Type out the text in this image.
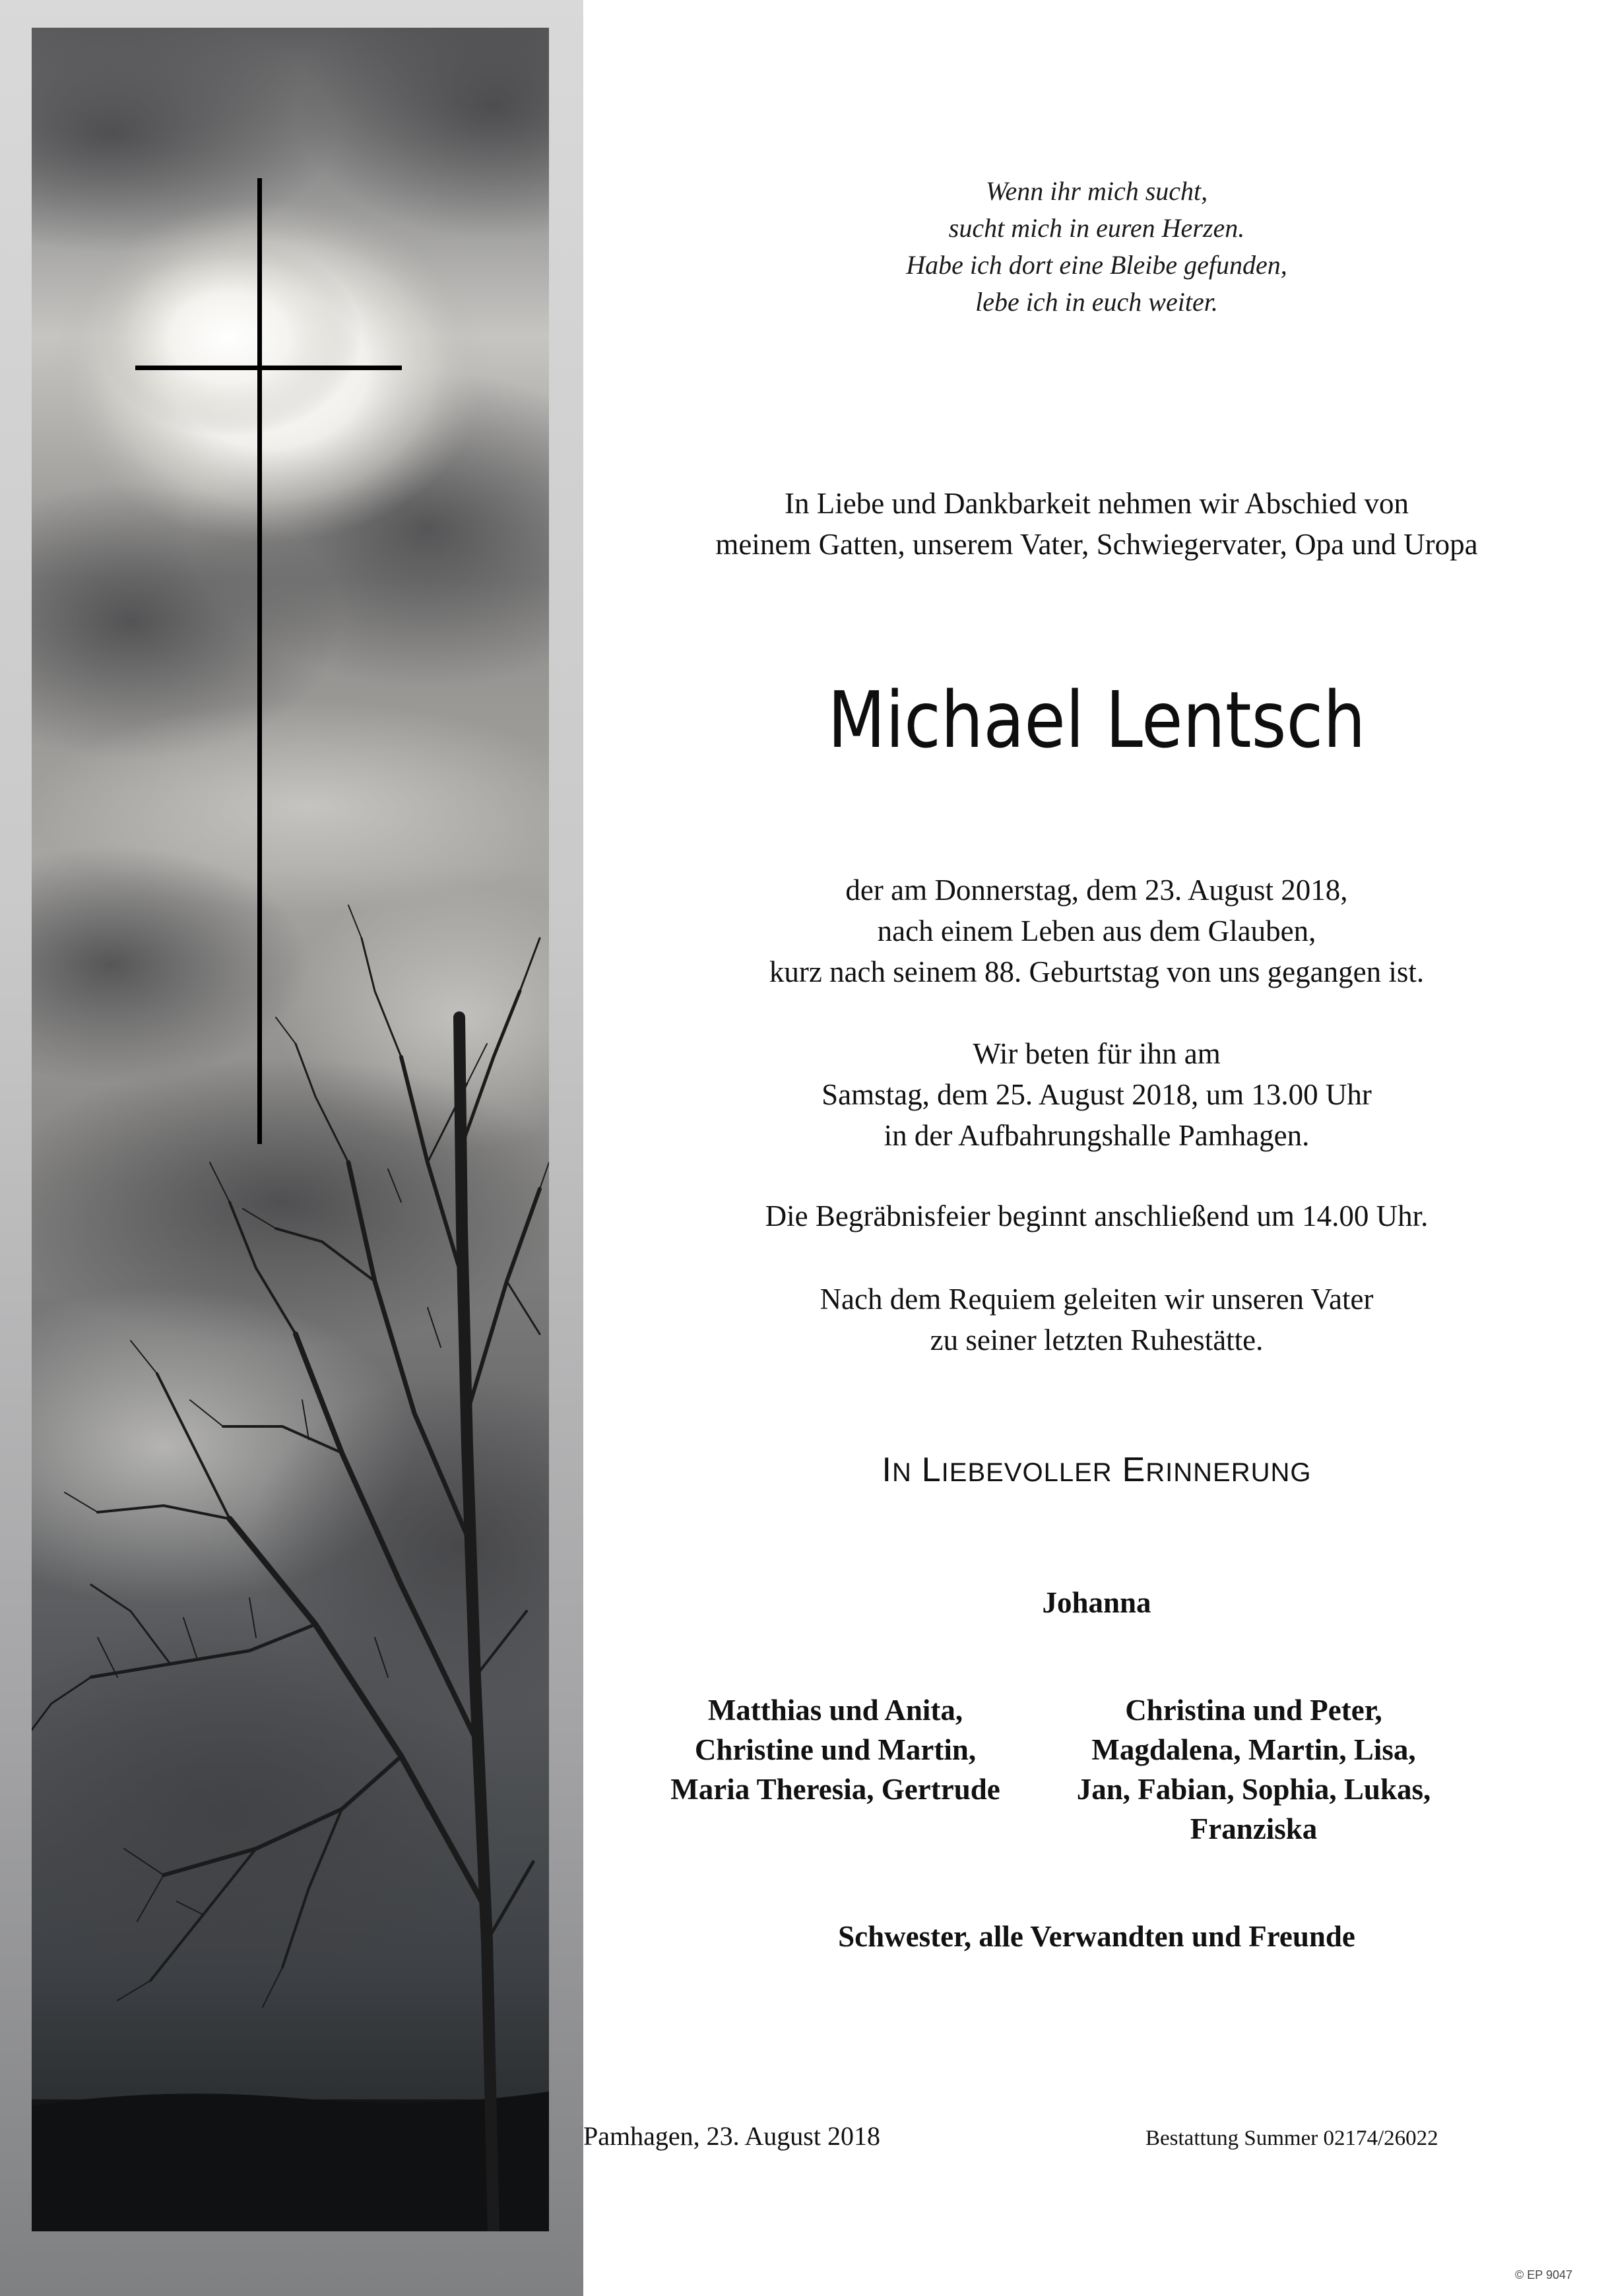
Wenn ihr mich sucht,
sucht mich in euren Herzen.
Habe ich dort eine Bleibe gefunden,
lebe ich in euch weiter.
In Liebe und Dankbarkeit nehmen wir Abschied von
meinem Gatten, unserem Vater, Schwiegervater, Opa und Uropa
Michael Lentsch
der am Donnerstag, dem 23. August 2018,
nach einem Leben aus dem Glauben,
kurz nach seinem 88. Geburtstag von uns gegangen ist.
Wir beten für ihn am
Samstag, dem 25. August 2018, um 13.00 Uhr
in der Aufbahrungshalle Pamhagen.
Die Begräbnisfeier beginnt anschließend um 14.00 Uhr.
Nach dem Requiem geleiten wir unseren Vater
zu seiner letzten Ruhestätte.
IN LIEBEVOLLER ERINNERUNG
Johanna
Matthias und Anita,
Christine und Martin,
Maria Theresia, Gertrude
Christina und Peter,
Magdalena, Martin, Lisa,
Jan, Fabian, Sophia, Lukas,
Franziska
Schwester, alle Verwandten und Freunde
Pamhagen, 23. August 2018	Bestattung Summer 02174/26022
© EP 9047
